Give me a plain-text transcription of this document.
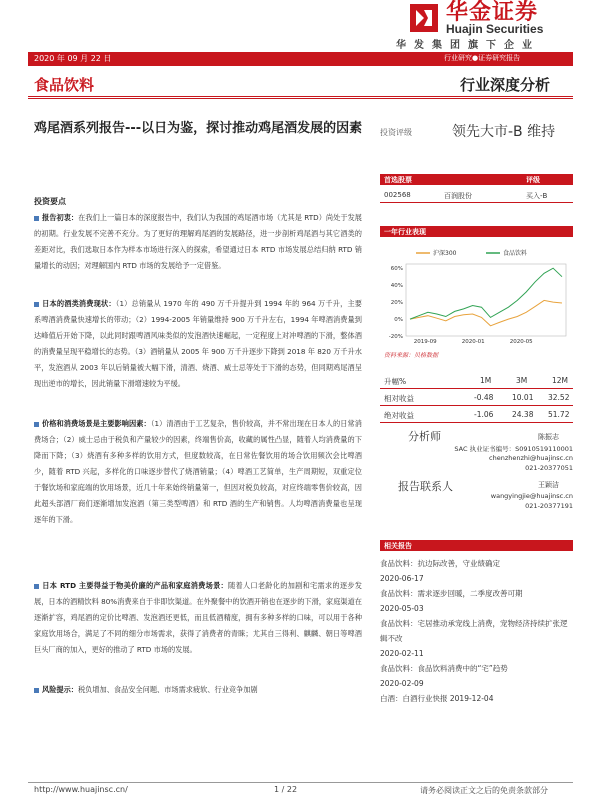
华金证券
Huajin Securities
华发集团旗下企业
2020 年 09 月 22 日	行业研究●证券研究报告
食品饮料	行业深度分析
鸡尾酒系列报告---以日为鉴，探讨推动鸡尾酒发展的因素 投资评级	领先大市-B 维持
投资要点
报告初衷：在我们上一篇日本的深度报告中，我们认为我国的鸡尾酒市场（尤其是 RTD）尚处于发展的初期。行业发展不完善不充分。为了更好的理解鸡尾酒的发展路径，进一步剖析鸡尾酒与其它酒类的差距对比，我们选取日本作为样本市场进行深入的探索，希望通过日本 RTD 市场发展总结归纳 RTD 销量增长的动因；对理解国内 RTD 市场的发展给予一定借鉴。
日本的酒类消费现状：（1）总销量从 1970 年的 490 万千升提升到 1994 年的 964 万千升，主要系啤酒消费量快速增长的带动；（2）1994-2005 年销量维持 900 万千升左右，1994 年啤酒消费量到达峰值后开始下降，以此同时跟啤酒风味类似的发泡酒快速崛起，一定程度上对冲啤酒的下滑，整体酒的消费量呈现平稳增长的态势。（3）酒销量从 2005 年 900 万千升逐步下降到 2018 年 820 万千升水平，发泡酒从 2003 年以后销量被大幅下滑，清酒、烧酒、威士忌等处于下滑的态势，但同期鸡尾酒呈现出逆市的增长，因此销量下滑增速较为平缓。
价格和消费场景是主要影响因素：（1）清酒由于工艺复杂，售价较高，并不常出现在日本人的日常消费场合；（2）威士忌由于税负和产量较少的因素，终端售价高，收藏的属性凸显，随着人均消费量的下降而下降；（3）烧酒有多种多样的饮用方式，但度数较高，在日常佐餐饮用的场合饮用频次会比啤酒少，随着 RTD 兴起，多样化的口味逐步替代了烧酒销量；（4）啤酒工艺简单，生产周期短，双重定位于餐饮场和家庭端的饮用场景，近几十年来始终销量第一，但因对税负较高，对应终端零售价较高，因此超头部酒厂商们逐渐增加发泡酒（第三类型啤酒）和 RTD 酒的生产和销售。人均啤酒消费量也呈现逐年的下滑。
日本 RTD 主要得益于物美价廉的产品和家庭消费场景：随着人口老龄化的加剧和宅需求的逐步发展，日本的酒精饮料 80%消费来自于非即饮渠道。在外聚餐中的饮酒开销也在逐步的下滑，家庭渠道在逐渐扩容，鸡尾酒的定价比啤酒、发泡酒还更低，而且低酒精度，拥有多种多样的口味，可以用于各种家庭饮用场合，满足了不同的细分市场需求，获得了消费者的青睐；尤其自三得利、麒麟、朝日等啤酒巨头厂商的加入，更好的推动了 RTD 市场的发展。
风险提示：税负增加、食品安全问题、市场需求疲软、行业竞争加剧
首选股票	评级
002568	百润股份	买入-B
一年行业表现
60%
40%
20%
0%
-20%
2019-09	2020-01	2020-05
沪深300	食品饮料
资料来源：贝格数据
升幅%	1M	3M	12M
相对收益	-0.48 10.01 32.52
绝对收益	-1.06 24.38 51.72
分析师	陈振志
SAC 执业证书编号：S0910519110001
chenzhenzhi@huajinsc.cn
021-20377051
报告联系人	王颖洁
wangyingjie@huajinsc.cn
021-20377191
相关报告
食品饮料：抗边际改善，守业绩确定
2020-06-17
食品饮料：需求逐步回暖，二季度改善可期
2020-05-03
食品饮料：宅居推动承宠线上消费，宠物经济持续扩张逻辑不改
2020-02-11
食品饮料：食品饮料消费中的“宅”趋势
2020-02-09
白酒：白酒行业快报 2019-12-04
http://www.huajinsc.cn/	1 / 22	请务必阅读正文之后的免责条款部分
